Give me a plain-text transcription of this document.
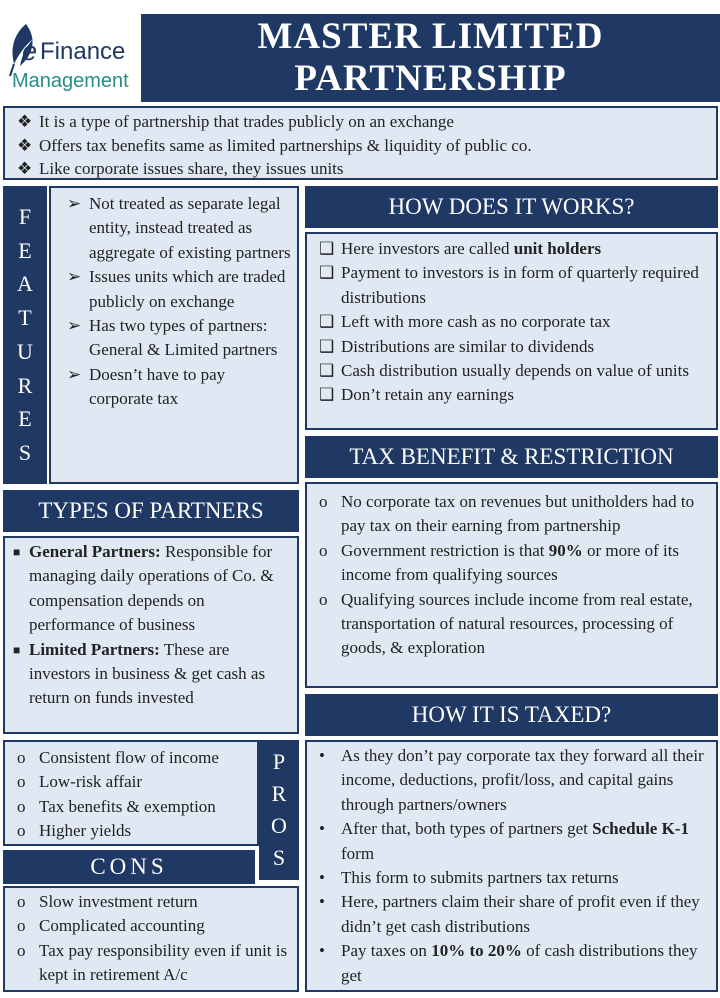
e Finance
Management
MASTER LIMITED
PARTNERSHIP
❖ It is a type of partnership that trades publicly on an exchange
❖ Offers tax benefits same as limited partnerships & liquidity of public co.
❖ Like corporate issues share, they issues units
F
E
A
T
U
R
E
S
➢ Not treated as separate legal entity, instead treated as aggregate of existing partners
➢ Issues units which are traded publicly on exchange
➢ Has two types of partners: General & Limited partners
➢ Doesn’t have to pay corporate tax
HOW DOES IT WORKS?
❑ Here investors are called unit holders
❑ Payment to investors is in form of quarterly required distributions
❑ Left with more cash as no corporate tax
❑ Distributions are similar to dividends
❑ Cash distribution usually depends on value of units
❑ Don’t retain any earnings
TAX BENEFIT & RESTRICTION
o No corporate tax on revenues but unitholders had to pay tax on their earning from partnership
o Government restriction is that 90% or more of its income from qualifying sources
o Qualifying sources include income from real estate, transportation of natural resources, processing of goods, & exploration
TYPES OF PARTNERS
■ General Partners: Responsible for managing daily operations of Co. & compensation depends on performance of business
■ Limited Partners: These are investors in business & get cash as return on funds invested
HOW IT IS TAXED?
• As they don’t pay corporate tax they forward all their income, deductions, profit/loss, and capital gains through partners/owners
• After that, both types of partners get Schedule K-1 form
• This form to submits partners tax returns
• Here, partners claim their share of profit even if they didn’t get cash distributions
• Pay taxes on 10% to 20% of cash distributions they get
o Consistent flow of income
o Low-risk affair
o Tax benefits & exemption
o Higher yields
P
R
O
S
CONS
o Slow investment return
o Complicated accounting
o Tax pay responsibility even if unit is kept in retirement A/c
